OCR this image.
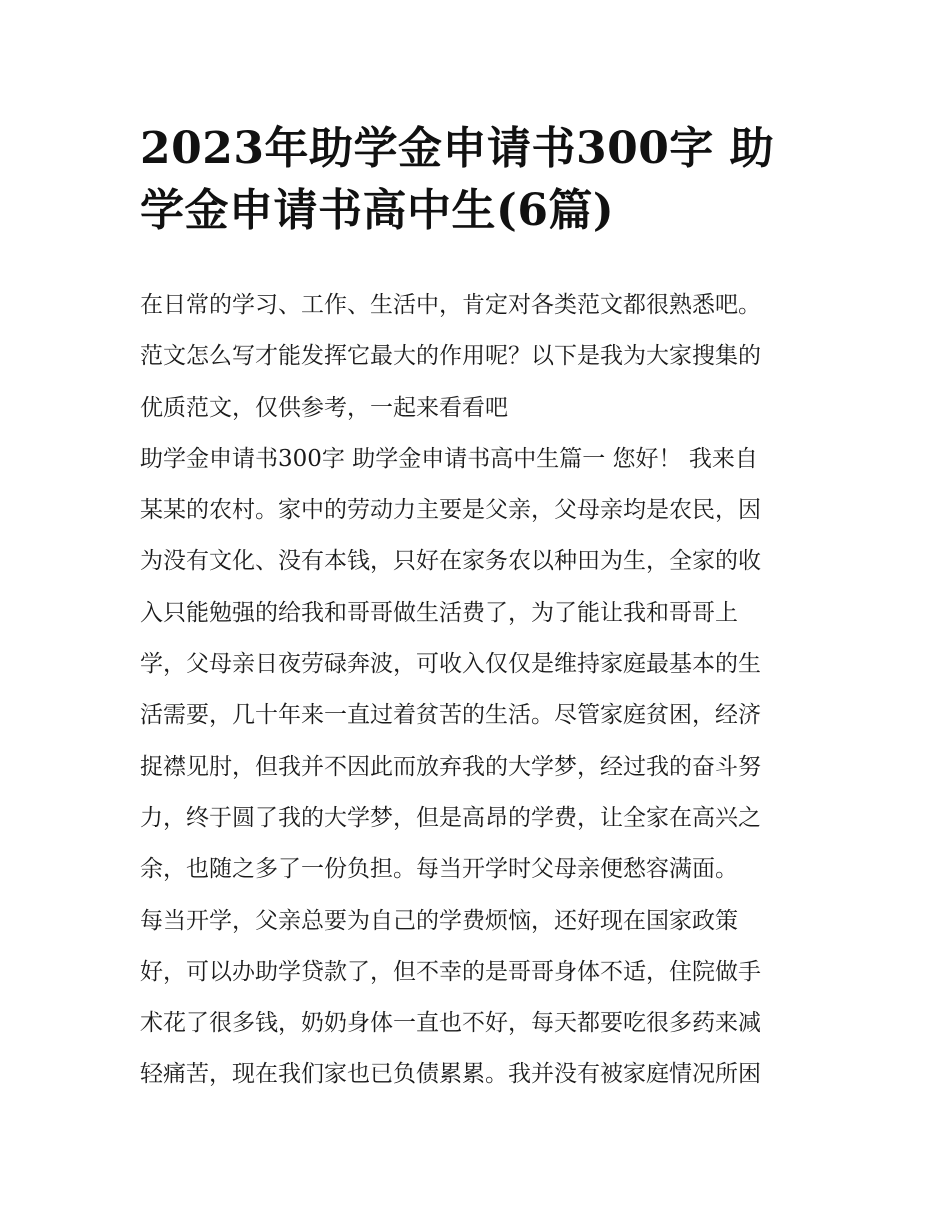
2023年助学金申请书300字 助
学金申请书高中生(6篇)
在日常的学习、工作、生活中，肯定对各类范文都很熟悉吧。
范文怎么写才能发挥它最大的作用呢？以下是我为大家搜集的
优质范文，仅供参考，一起来看看吧
助学金申请书300字 助学金申请书高中生篇一 您好！ 我来自
某某的农村。家中的劳动力主要是父亲，父母亲均是农民，因
为没有文化、没有本钱，只好在家务农以种田为生，全家的收
入只能勉强的给我和哥哥做生活费了，为了能让我和哥哥上
学，父母亲日夜劳碌奔波，可收入仅仅是维持家庭最基本的生
活需要，几十年来一直过着贫苦的生活。尽管家庭贫困，经济
捉襟见肘，但我并不因此而放弃我的大学梦，经过我的奋斗努
力，终于圆了我的大学梦，但是高昂的学费，让全家在高兴之
余，也随之多了一份负担。每当开学时父母亲便愁容满面。
每当开学，父亲总要为自己的学费烦恼，还好现在国家政策
好，可以办助学贷款了，但不幸的是哥哥身体不适，住院做手
术花了很多钱，奶奶身体一直也不好，每天都要吃很多药来减
轻痛苦，现在我们家也已负债累累。我并没有被家庭情况所困
